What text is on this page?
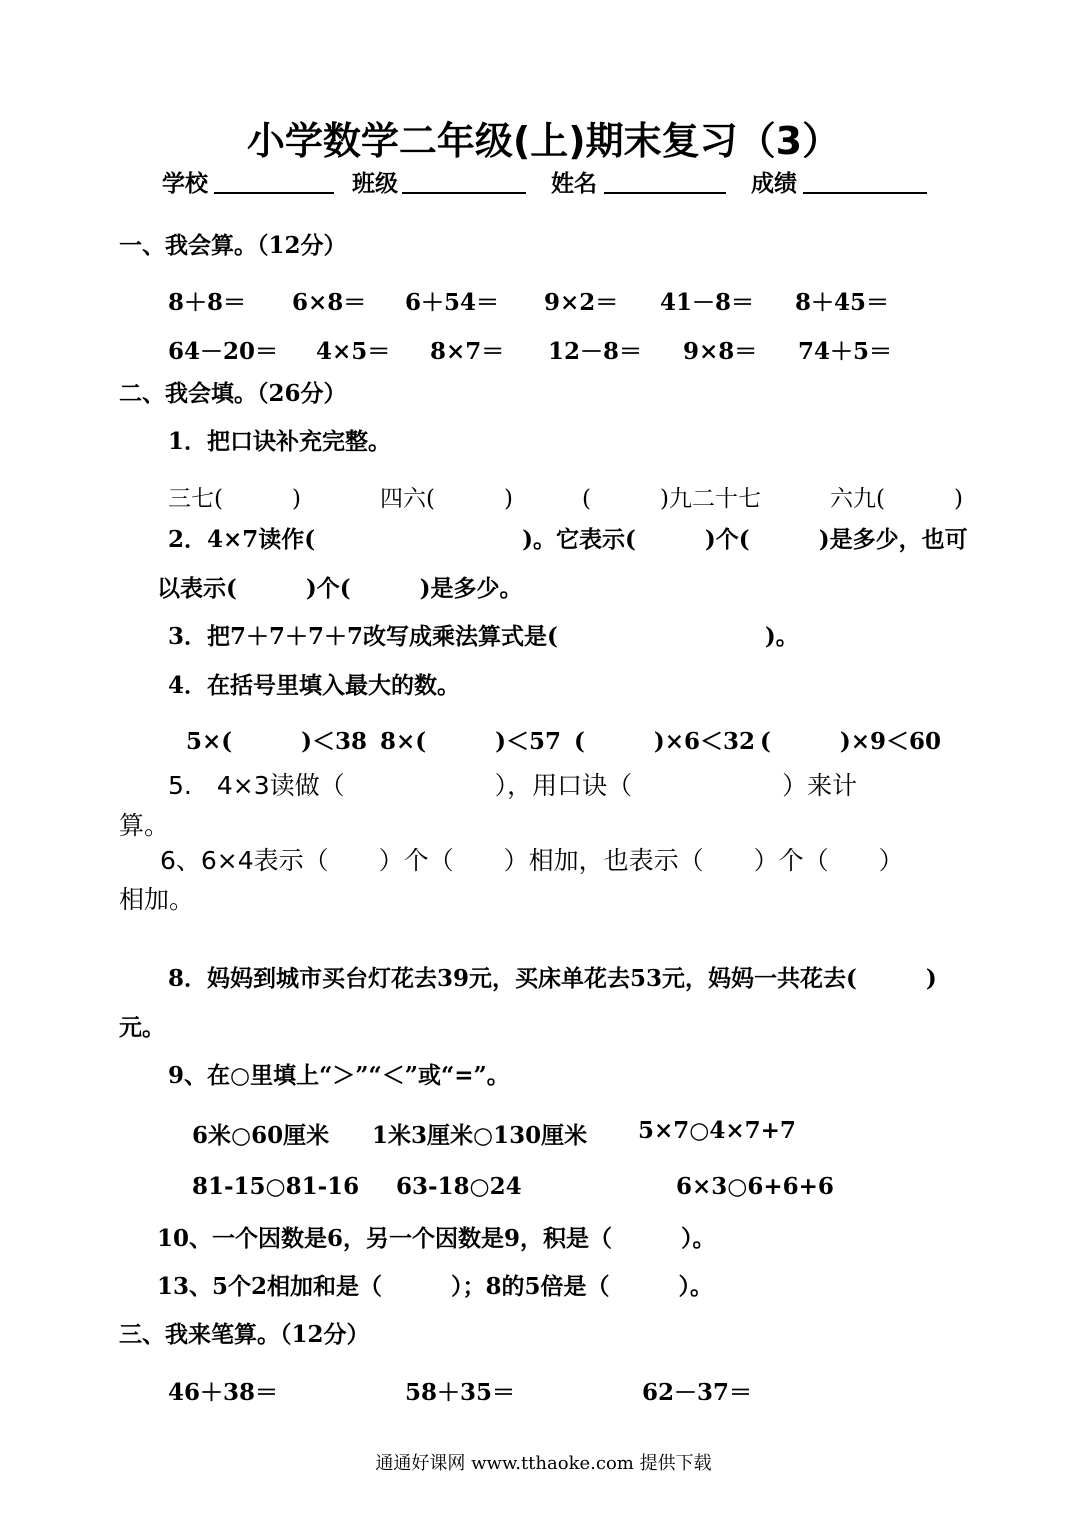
小学数学二年级(上)期末复习（3）
学校	班级	姓名	成绩
一、我会算。（12分）
8＋8＝ 6×8＝ 6＋54＝ 9×2＝ 41－8＝ 8＋45＝
64－20＝ 4×5＝ 8×7＝ 12－8＝ 9×8＝ 74＋5＝
二、我会填。（26分）
1．把口诀补充完整。
三七(　　　)	四六(　　　)	(　　　)九二十七	六九(　　　)
2．4×7读作(　　　　　　　　　)。它表示(　　　)个(　　　)是多少，也可
以表示(　　　)个(　　　)是多少。
3．把7＋7＋7＋7改写成乘法算式是(　　　　　　　　　)。
4．在括号里填入最大的数。
5×(　　　)＜38 8×(　　　)＜57 (　　　)×6＜32 (　　　)×9＜60
5.　4×3读做（　　　　　　），用口诀（　　　　　　）来计
算。
6、6×4表示（　　）个（　　）相加，也表示（　　）个（　　）
相加。
8．妈妈到城市买台灯花去39元，买床单花去53元，妈妈一共花去(　　　)
元。
9、在○里填上“＞”“＜”或“=”。
6米○60厘米 1米3厘米○130厘米 5×7○4×7+7
81-15○81-16 63-18○24	6×3○6+6+6
10、一个因数是6，另一个因数是9，积是（　　　）。
13、5个2相加和是（　　　）；8的5倍是（　　　）。
三、我来笔算。（12分）
46＋38＝	58＋35＝	62－37＝
通通好课网 www.tthaoke.com 提供下载
